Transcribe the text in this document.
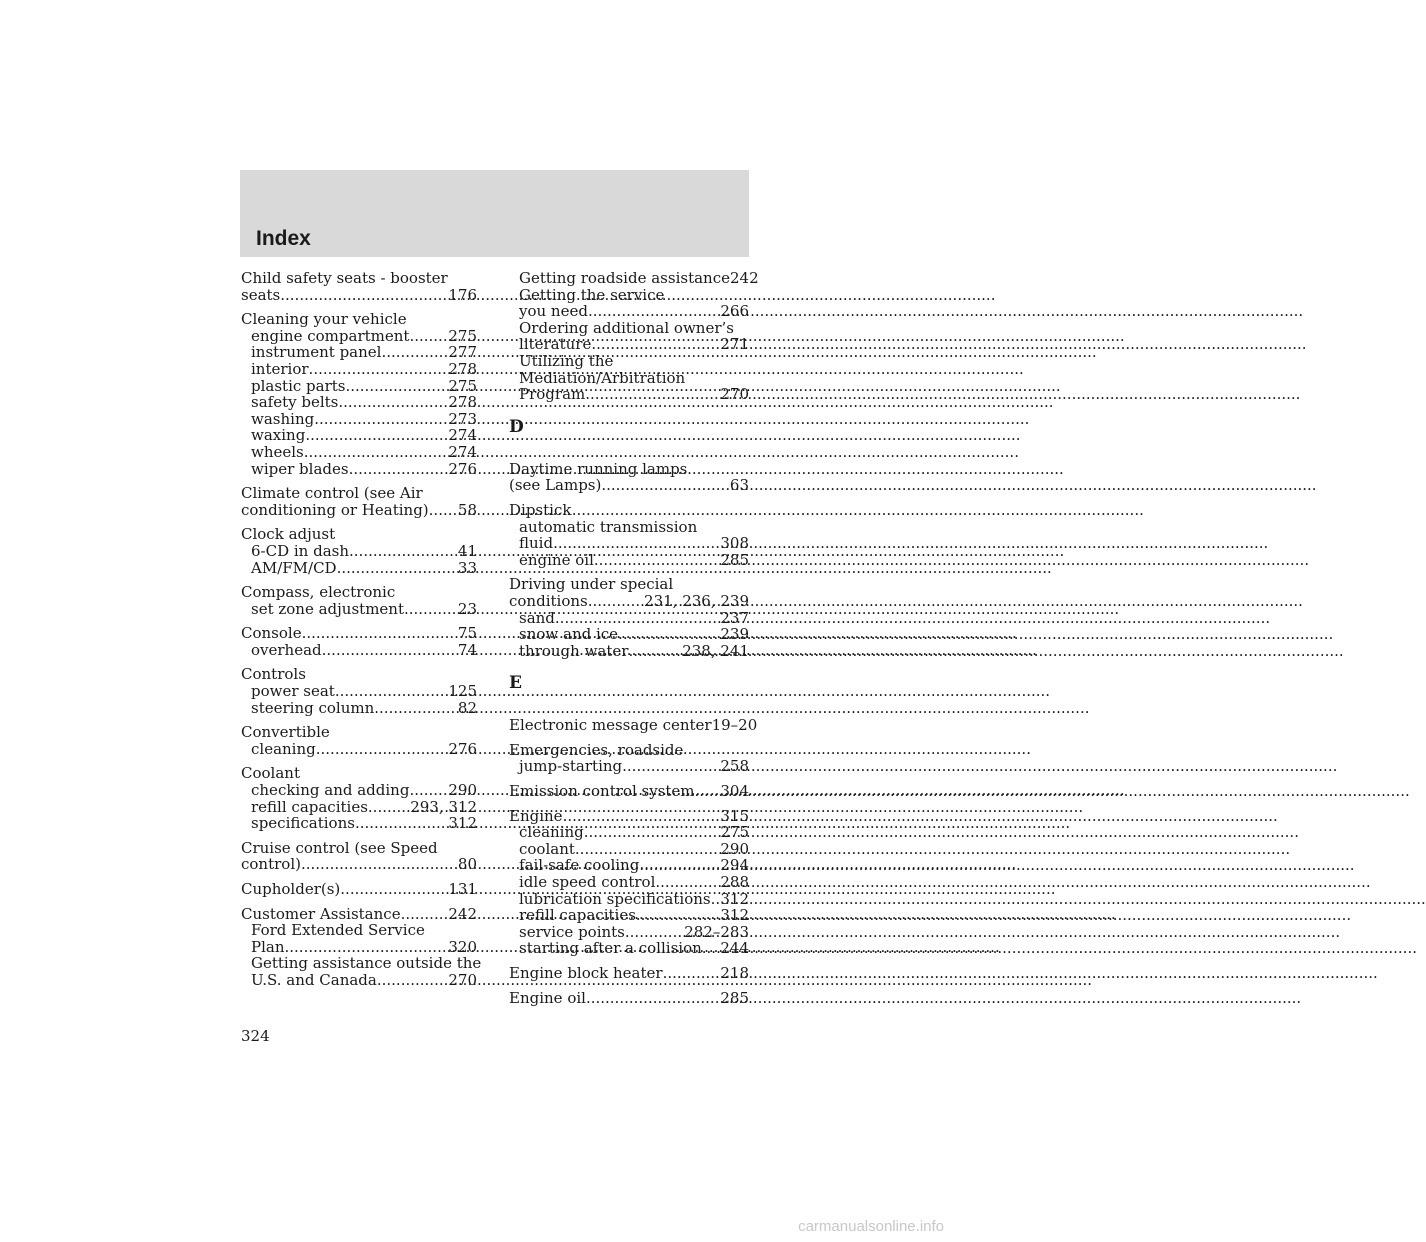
Index
Child safety seats - booster
seats .....	176
Cleaning your vehicle
engine compartment .....	275
instrument panel .....	277
interior .....	278
plastic parts .....	275
safety belts .....	278
washing .....	273
waxing .....	274
wheels .....	274
wiper blades .....	276
Climate control (see Air
conditioning or Heating) ..... 58
Clock adjust
6-CD in dash .....	41
AM/FM/CD .....	33
Compass, electronic
set zone adjustment .....	23
Console .....	75
overhead .....	74
Controls
power seat .....	125
steering column .....	82
Convertible
cleaning .....	276
Coolant
checking and adding .....	290
refill capacities .....	293, 312
specifications .....	312
Cruise control (see Speed
control) .....	80
Cupholder(s) .....	131
Customer Assistance .....	242
Ford Extended Service
Plan .....	320
Getting assistance outside the
U.S. and Canada .....	270
Getting roadside assistance 242
Getting the service
you need .....	266
Ordering additional owner’s
literature .....	271
Utilizing the
Mediation/Arbitration
Program .....	270
D
Daytime running lamps
(see Lamps) .....	63
Dipstick
automatic transmission
fluid .....	308
engine oil .....	285
Driving under special
conditions .....	231, 236, 239
sand .....	237
snow and ice .....	239
through water .....	238, 241
E
Electronic message center 19–20
Emergencies, roadside
jump-starting .....	258
Emission control system ..... 304
Engine .....	315
cleaning .....	275
coolant .....	290
fail-safe cooling .....	294
idle speed control .....	288
lubrication specifications ..... 312
refill capacities .....	312
service points .....	282–283
starting after a collision ..... 244
Engine block heater .....	218
Engine oil .....	285
324
carmanualsonline.info
